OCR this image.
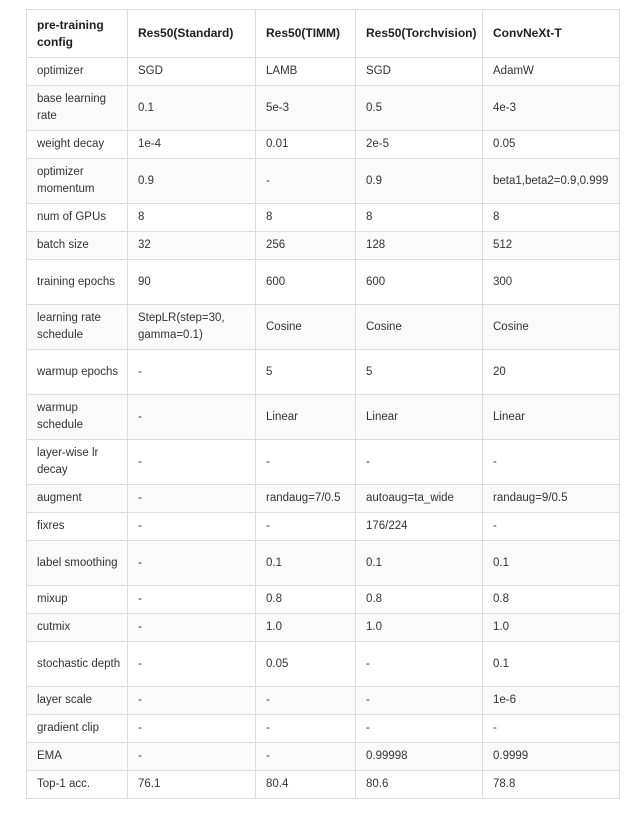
pre-training config	Res50(Standard)	Res50(TIMM)	Res50(Torchvision)	ConvNeXt-T
optimizer	SGD	LAMB	SGD	AdamW
base learning rate	0.1	5e-3	0.5	4e-3
weight decay	1e-4	0.01	2e-5	0.05
optimizer momentum	0.9	-	0.9	beta1,beta2=0.9,0.999
num of GPUs	8	8	8	8
batch size	32	256	128	512
training epochs	90	600	600	300
learning rate schedule	StepLR(step=30, gamma=0.1)	Cosine	Cosine	Cosine
warmup epochs	-	5	5	20
warmup schedule	-	Linear	Linear	Linear
layer-wise lr decay	-	-	-	-
augment	-	randaug=7/0.5	autoaug=ta_wide	randaug=9/0.5
fixres	-	-	176/224	-
label smoothing	-	0.1	0.1	0.1
mixup	-	0.8	0.8	0.8
cutmix	-	1.0	1.0	1.0
stochastic depth	-	0.05	-	0.1
layer scale	-	-	-	1e-6
gradient clip	-	-	-	-
EMA	-	-	0.99998	0.9999
Top-1 acc.	76.1	80.4	80.6	78.8
